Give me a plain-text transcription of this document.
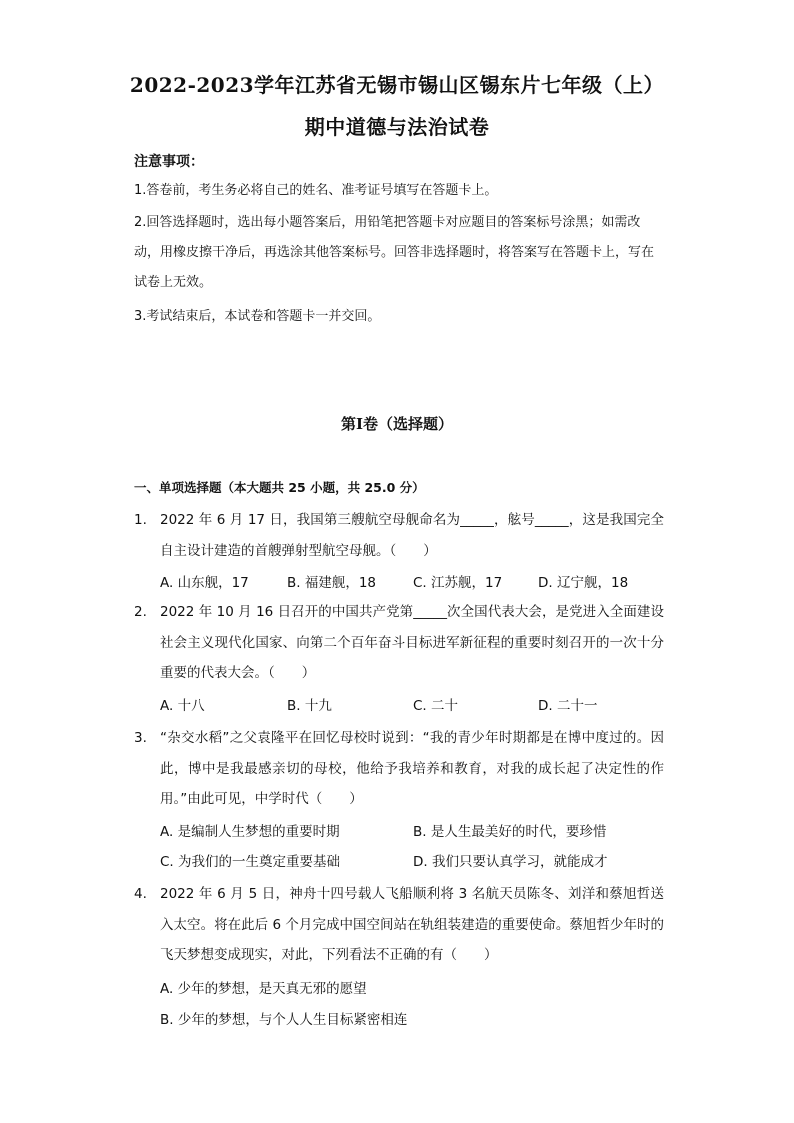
2022-2023学年江苏省无锡市锡山区锡东片七年级（上）
期中道德与法治试卷
注意事项：
1.答卷前，考生务必将自己的姓名、准考证号填写在答题卡上。
2.回答选择题时，选出每小题答案后，用铅笔把答题卡对应题目的答案标号涂黑；如需改动，用橡皮擦干净后，再选涂其他答案标号。回答非选择题时，将答案写在答题卡上，写在试卷上无效。
3.考试结束后，本试卷和答题卡一并交回。
第Ⅰ卷（选择题）
一、单项选择题（本大题共 25 小题，共 25.0 分）
1. 2022 年 6 月 17 日，我国第三艘航空母舰命名为_____，舷号_____，这是我国完全自主设计建造的首艘弹射型航空母舰。（　　）
A. 山东舰，17	B. 福建舰，18	C. 江苏舰，17	D. 辽宁舰，18
2. 2022 年 10 月 16 日召开的中国共产党第_____次全国代表大会，是党进入全面建设社会主义现代化国家、向第二个百年奋斗目标进军新征程的重要时刻召开的一次十分重要的代表大会。（　　）
A. 十八	B. 十九	C. 二十	D. 二十一
3. “杂交水稻”之父袁隆平在回忆母校时说到：“我的青少年时期都是在博中度过的。因此，博中是我最感亲切的母校，他给予我培养和教育，对我的成长起了决定性的作用。”由此可见，中学时代（　　）
A. 是编制人生梦想的重要时期	B. 是人生最美好的时代，要珍惜
C. 为我们的一生奠定重要基础	D. 我们只要认真学习，就能成才
4. 2022 年 6 月 5 日，神舟十四号载人飞船顺利将 3 名航天员陈冬、刘洋和蔡旭哲送入太空。将在此后 6 个月完成中国空间站在轨组装建造的重要使命。蔡旭哲少年时的飞天梦想变成现实，对此，下列看法不正确的有（　　）
A. 少年的梦想，是天真无邪的愿望
B. 少年的梦想，与个人人生目标紧密相连
